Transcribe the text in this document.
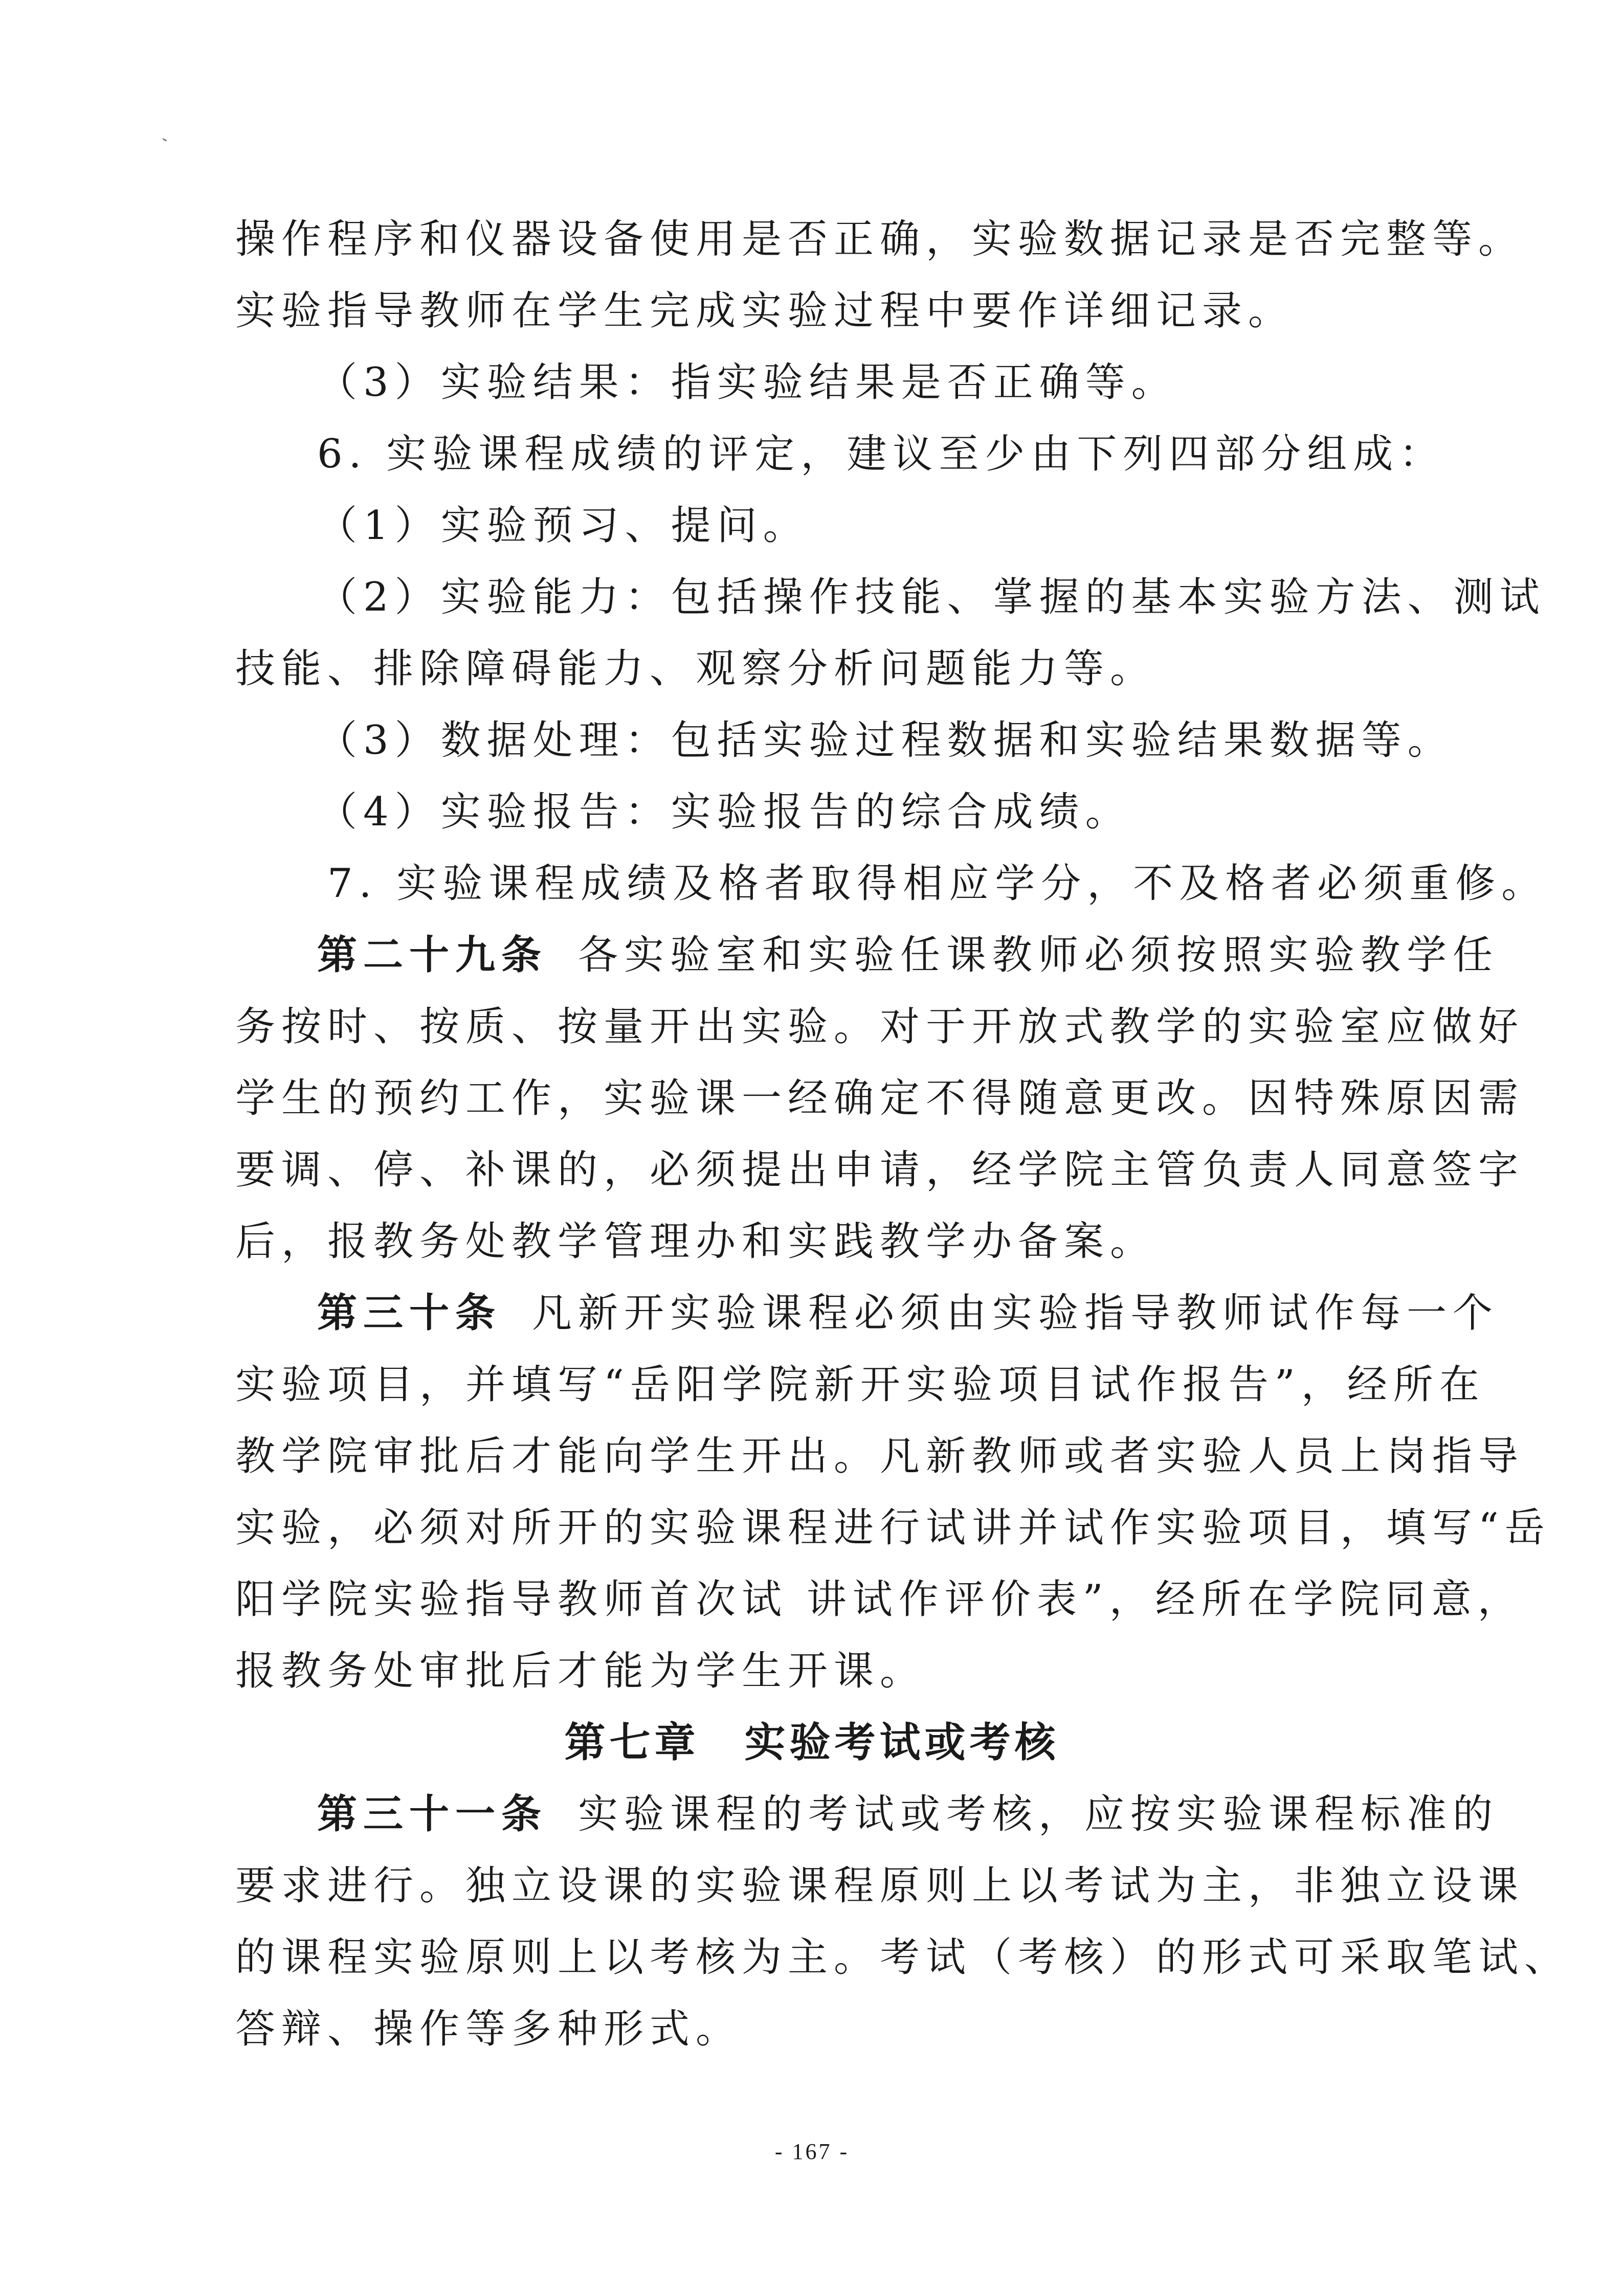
操作程序和仪器设备使用是否正确，实验数据记录是否完整等。
实验指导教师在学生完成实验过程中要作详细记录。
（3）实验结果：指实验结果是否正确等。
6. 实验课程成绩的评定，建议至少由下列四部分组成：
（1）实验预习、提问。
（2）实验能力：包括操作技能、掌握的基本实验方法、测试
技能、排除障碍能力、观察分析问题能力等。
（3）数据处理：包括实验过程数据和实验结果数据等。
（4）实验报告：实验报告的综合成绩。
7. 实验课程成绩及格者取得相应学分，不及格者必须重修。
第二十九条 各实验室和实验任课教师必须按照实验教学任
务按时、按质、按量开出实验。对于开放式教学的实验室应做好
学生的预约工作，实验课一经确定不得随意更改。因特殊原因需
要调、停、补课的，必须提出申请，经学院主管负责人同意签字
后，报教务处教学管理办和实践教学办备案。
第三十条 凡新开实验课程必须由实验指导教师试作每一个
实验项目，并填写“岳阳学院新开实验项目试作报告”，经所在
教学院审批后才能向学生开出。凡新教师或者实验人员上岗指导
实验，必须对所开的实验课程进行试讲并试作实验项目，填写“岳
阳学院实验指导教师首次试 讲试作评价表”，经所在学院同意，
报教务处审批后才能为学生开课。
第七章　实验考试或考核
第三十一条 实验课程的考试或考核，应按实验课程标准的
要求进行。独立设课的实验课程原则上以考试为主，非独立设课
的课程实验原则上以考核为主。考试（考核）的形式可采取笔试、
答辩、操作等多种形式。
- 167 -
